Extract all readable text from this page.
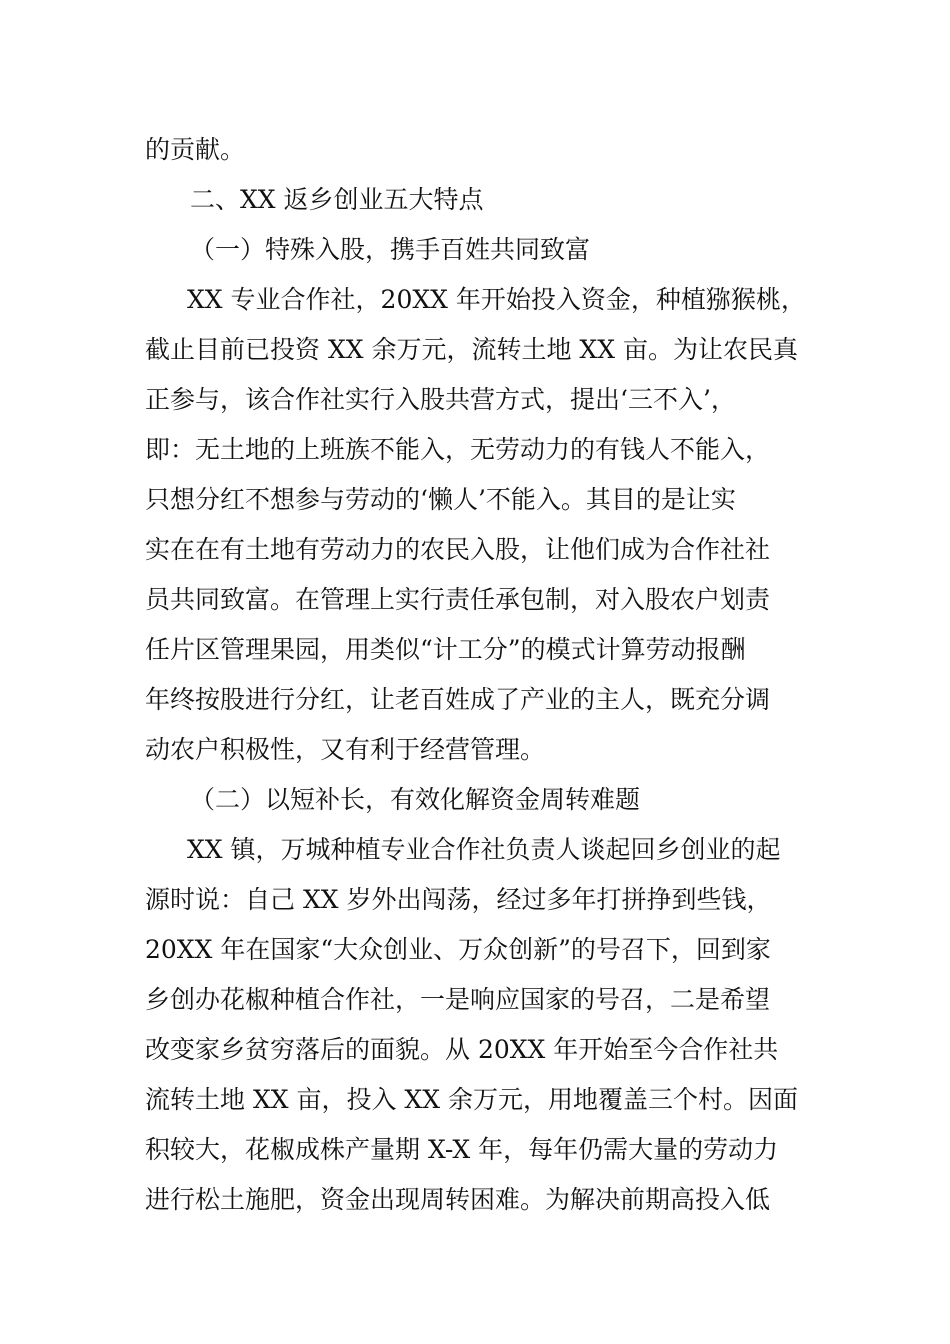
的贡献。
二、XX 返乡创业五大特点
（一）特殊入股，携手百姓共同致富
XX 专业合作社，20XX 年开始投入资金，种植猕猴桃，
截止目前已投资 XX 余万元，流转土地 XX 亩。为让农民真
正参与，该合作社实行入股共营方式，提出‘三不入’，
即：无土地的上班族不能入，无劳动力的有钱人不能入，
只想分红不想参与劳动的‘懒人’不能入。其目的是让实
实在在有土地有劳动力的农民入股，让他们成为合作社社
员共同致富。在管理上实行责任承包制，对入股农户划责
任片区管理果园，用类似“计工分”的模式计算劳动报酬
年终按股进行分红，让老百姓成了产业的主人，既充分调
动农户积极性，又有利于经营管理。
（二）以短补长，有效化解资金周转难题
XX 镇，万城种植专业合作社负责人谈起回乡创业的起
源时说：自己 XX 岁外出闯荡，经过多年打拼挣到些钱，
20XX 年在国家“大众创业、万众创新”的号召下，回到家
乡创办花椒种植合作社，一是响应国家的号召，二是希望
改变家乡贫穷落后的面貌。从 20XX 年开始至今合作社共
流转土地 XX 亩，投入 XX 余万元，用地覆盖三个村。因面
积较大，花椒成株产量期 X-X 年，每年仍需大量的劳动力
进行松土施肥，资金出现周转困难。为解决前期高投入低
